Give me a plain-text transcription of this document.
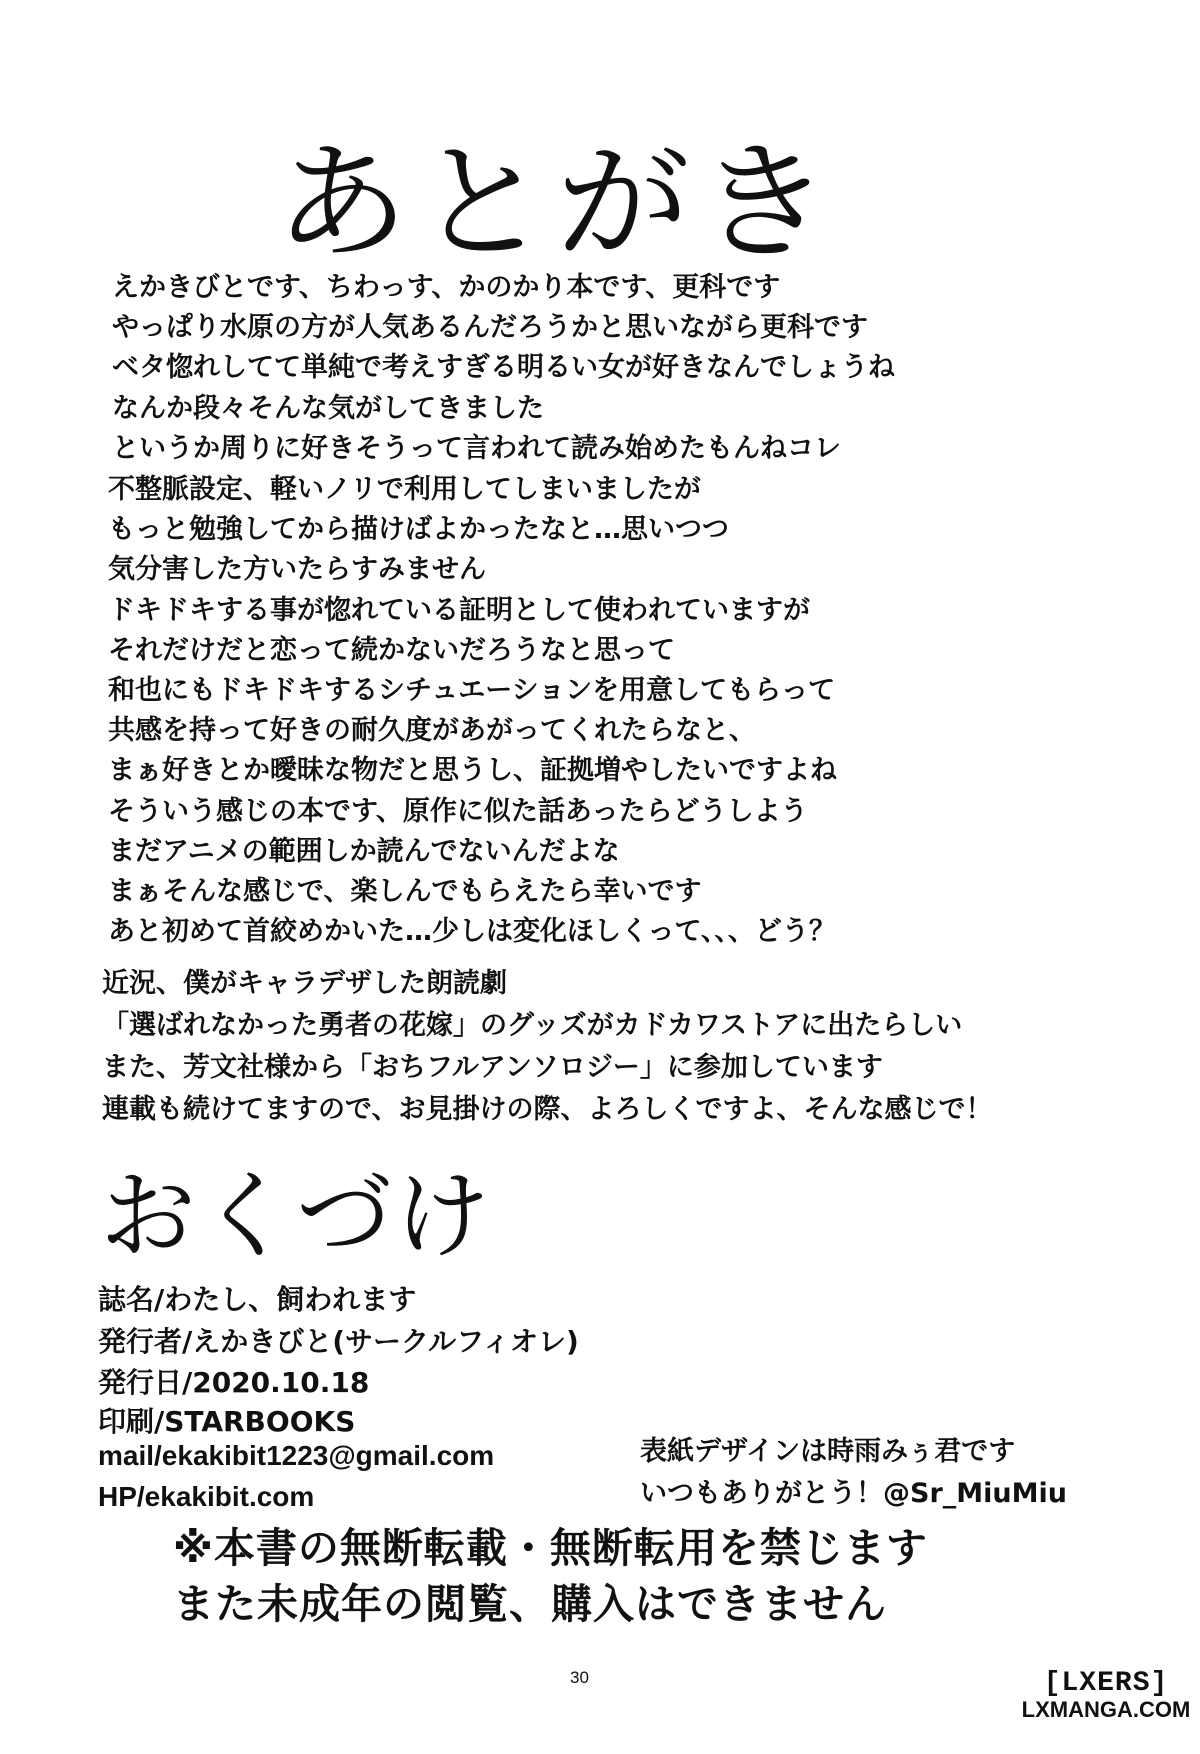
あとがき
えかきびとです、ちわっす、かのかり本です、更科です
やっぱり水原の方が人気あるんだろうかと思いながら更科です
ベタ惚れしてて単純で考えすぎる明るい女が好きなんでしょうね
なんか段々そんな気がしてきました
というか周りに好きそうって言われて読み始めたもんねコレ
不整脈設定、軽いノリで利用してしまいましたが
もっと勉強してから描けばよかったなと…思いつつ
気分害した方いたらすみません
ドキドキする事が惚れている証明として使われていますが
それだけだと恋って続かないだろうなと思って
和也にもドキドキするシチュエーションを用意してもらって
共感を持って好きの耐久度があがってくれたらなと、
まぁ好きとか曖昧な物だと思うし、証拠増やしたいですよね
そういう感じの本です、原作に似た話あったらどうしよう
まだアニメの範囲しか読んでないんだよな
まぁそんな感じで、楽しんでもらえたら幸いです
あと初めて首絞めかいた…少しは変化ほしくって、、、どう？
近況、僕がキャラデザした朗読劇
「選ばれなかった勇者の花嫁」のグッズがカドカワストアに出たらしい
また、芳文社様から「おちフルアンソロジー」に参加しています
連載も続けてますので、お見掛けの際、よろしくですよ、そんな感じで！
おくづけ
誌名/わたし、飼われます
発行者/えかきびと(サークルフィオレ)
発行日/2020.10.18
印刷/STARBOOKS
mail/ekakibit1223@gmail.com
HP/ekakibit.com
表紙デザインは時雨みぅ君です
いつもありがとう！@Sr_MiuMiu
※本書の無断転載・無断転用を禁じます
また未成年の閲覧、購入はできません
30	[LXERS]
LXMANGA.COM
